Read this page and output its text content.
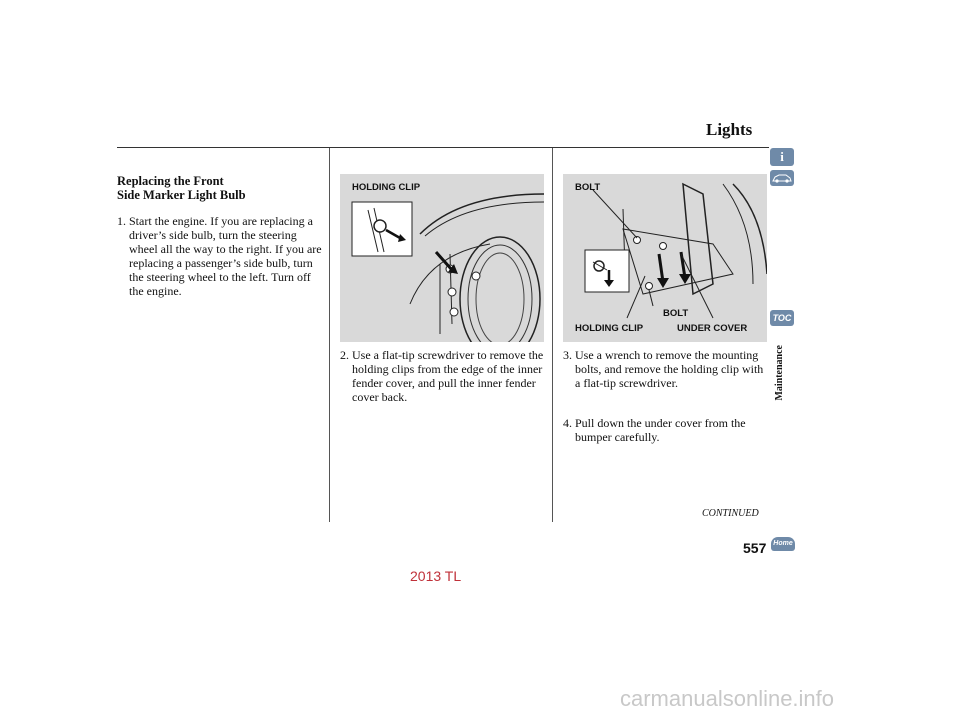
Lights
Replacing the Front
Side Marker Light Bulb
1. Start the engine. If you are replacing a driver’s side bulb, turn the steering wheel all the way to the right. If you are replacing a passenger’s side bulb, turn the steering wheel to the left. Turn off the engine.
HOLDING CLIP
2. Use a flat-tip screwdriver to remove the holding clips from the edge of the inner fender cover, and pull the inner fender cover back.
BOLT
BOLT
HOLDING CLIP	UNDER COVER
3. Use a wrench to remove the mounting bolts, and remove the holding clip with a flat-tip screwdriver.
4. Pull down the under cover from the bumper carefully.
i
TOC
Maintenance
CONTINUED
557 Home
2013 TL
carmanualsonline.info
